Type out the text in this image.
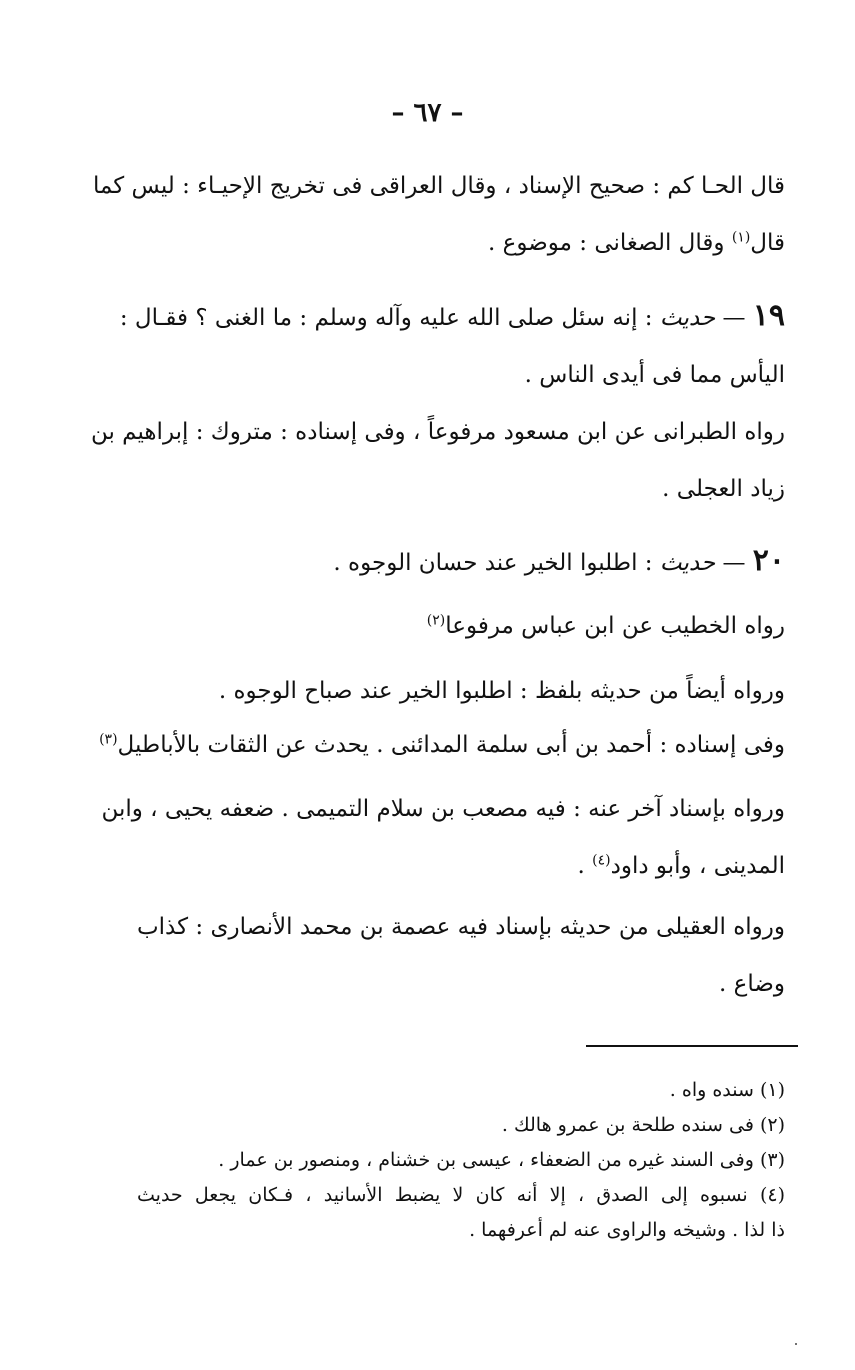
– ٦٧ –
قال الحـا كم : صحيح الإسناد ، وقال العراقى فى تخريج الإحيـاء : ليس كما
قال$^{(١)}$ وقال الصغانى : موضوع .
١٩ — حديث : إنه سئل صلى الله عليه وآله وسلم : ما الغنى ؟ فقـال :
اليأس مما فى أيدى الناس .
رواه الطبرانى عن ابن مسعود مرفوعاً ، وفى إسناده : متروك : إبراهيم بن
زياد العجلى .
٢٠ — حديث : اطلبوا الخير عند حسان الوجوه .
رواه الخطيب عن ابن عباس مرفوعا$^{(٢)}$
ورواه أيضاً من حديثه بلفظ : اطلبوا الخير عند صباح الوجوه .
وفى إسناده : أحمد بن أبى سلمة المدائنى . يحدث عن الثقات بالأباطيل$^{(٣)}$
ورواه بإسناد آخر عنه : فيه مصعب بن سلام التميمى . ضعفه يحيى ، وابن
المدينى ، وأبو داود$^{(٤)}$ .
ورواه العقيلى من حديثه بإسناد فيه عصمة بن محمد الأنصارى : كذاب
وضاع .
(١) سنده واه .
(٢) فى سنده طلحة بن عمرو هالك .
(٣) وفى السند غيره من الضعفاء ، عيسى بن خشنام ، ومنصور بن عمار .
(٤) نسبوه إلى الصدق ، إلا أنه كان لا يضبط الأسانيد ، فـكان يجعل حديث
ذا لذا . وشيخه والراوى عنه لم أعرفهما .
